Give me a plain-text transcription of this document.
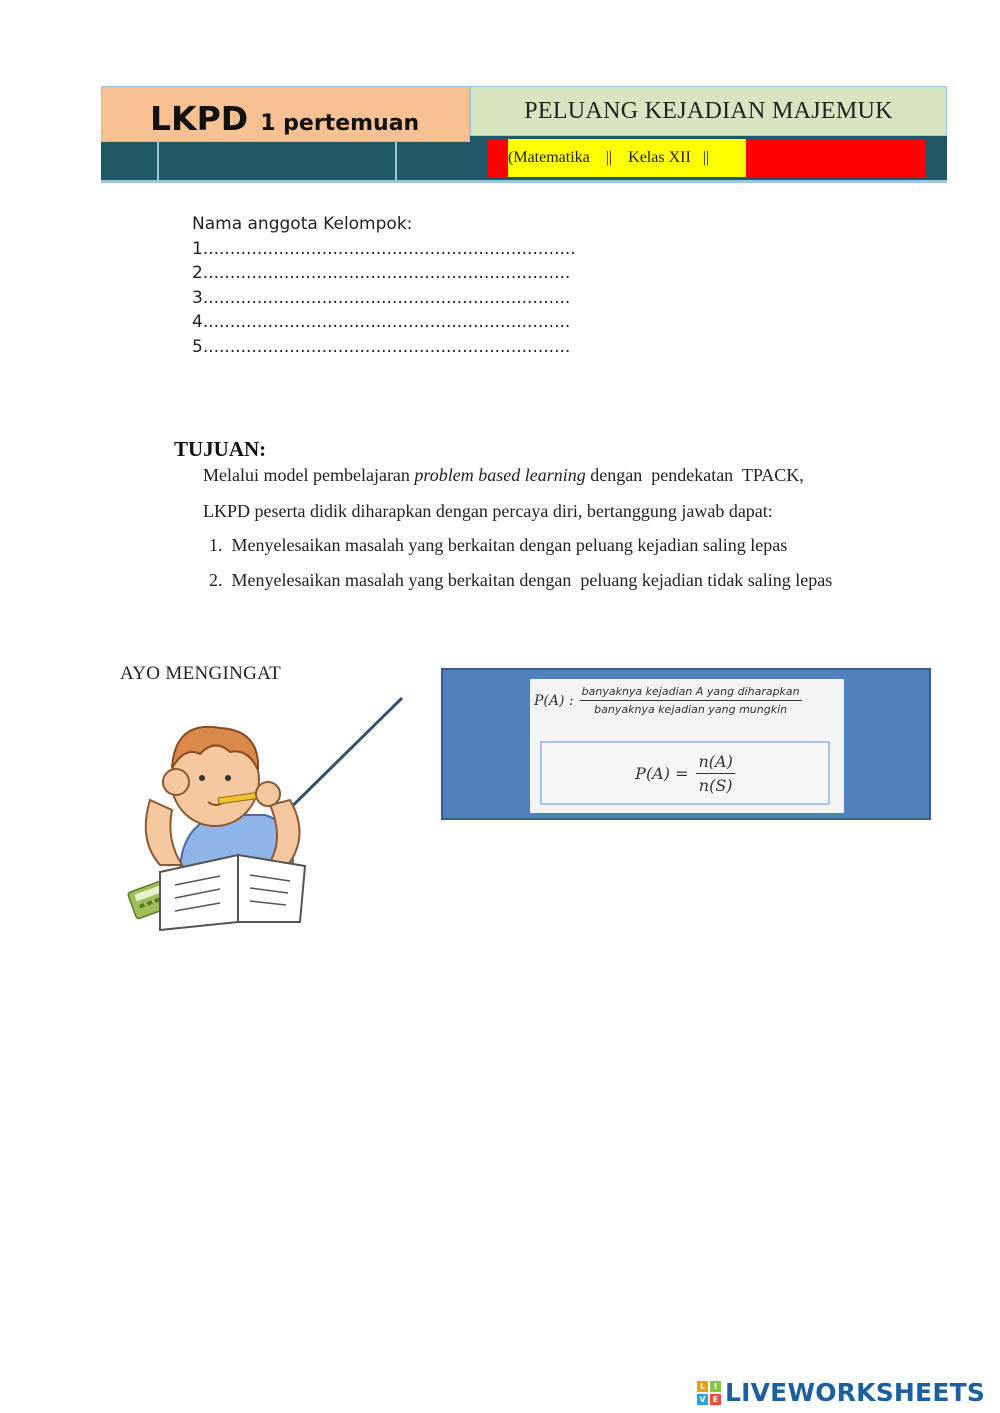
LKPD 1 pertemuan	PELUANG KEJADIAN MAJEMUK
(Matematika    ||    Kelas XII   ||
Nama anggota Kelompok:
1.....................................................................
2....................................................................
3....................................................................
4....................................................................
5....................................................................
TUJUAN:
Melalui model pembelajaran problem based learning dengan  pendekatan  TPACK,
LKPD peserta didik diharapkan dengan percaya diri, bertanggung jawab dapat:
1.  Menyelesaikan masalah yang berkaitan dengan peluang kejadian saling lepas
2.  Menyelesaikan masalah yang berkaitan dengan  peluang kejadian tidak saling lepas
AYO MENGINGAT
P(A) : $\frac{\text{banyaknya kejadian A yang diharapkan}}{\text{banyaknya kejadian yang mungkin}}$
$P(A) = \frac{n(A)}{n(S)}$
L	I
V E LIVEWORKSHEETS
